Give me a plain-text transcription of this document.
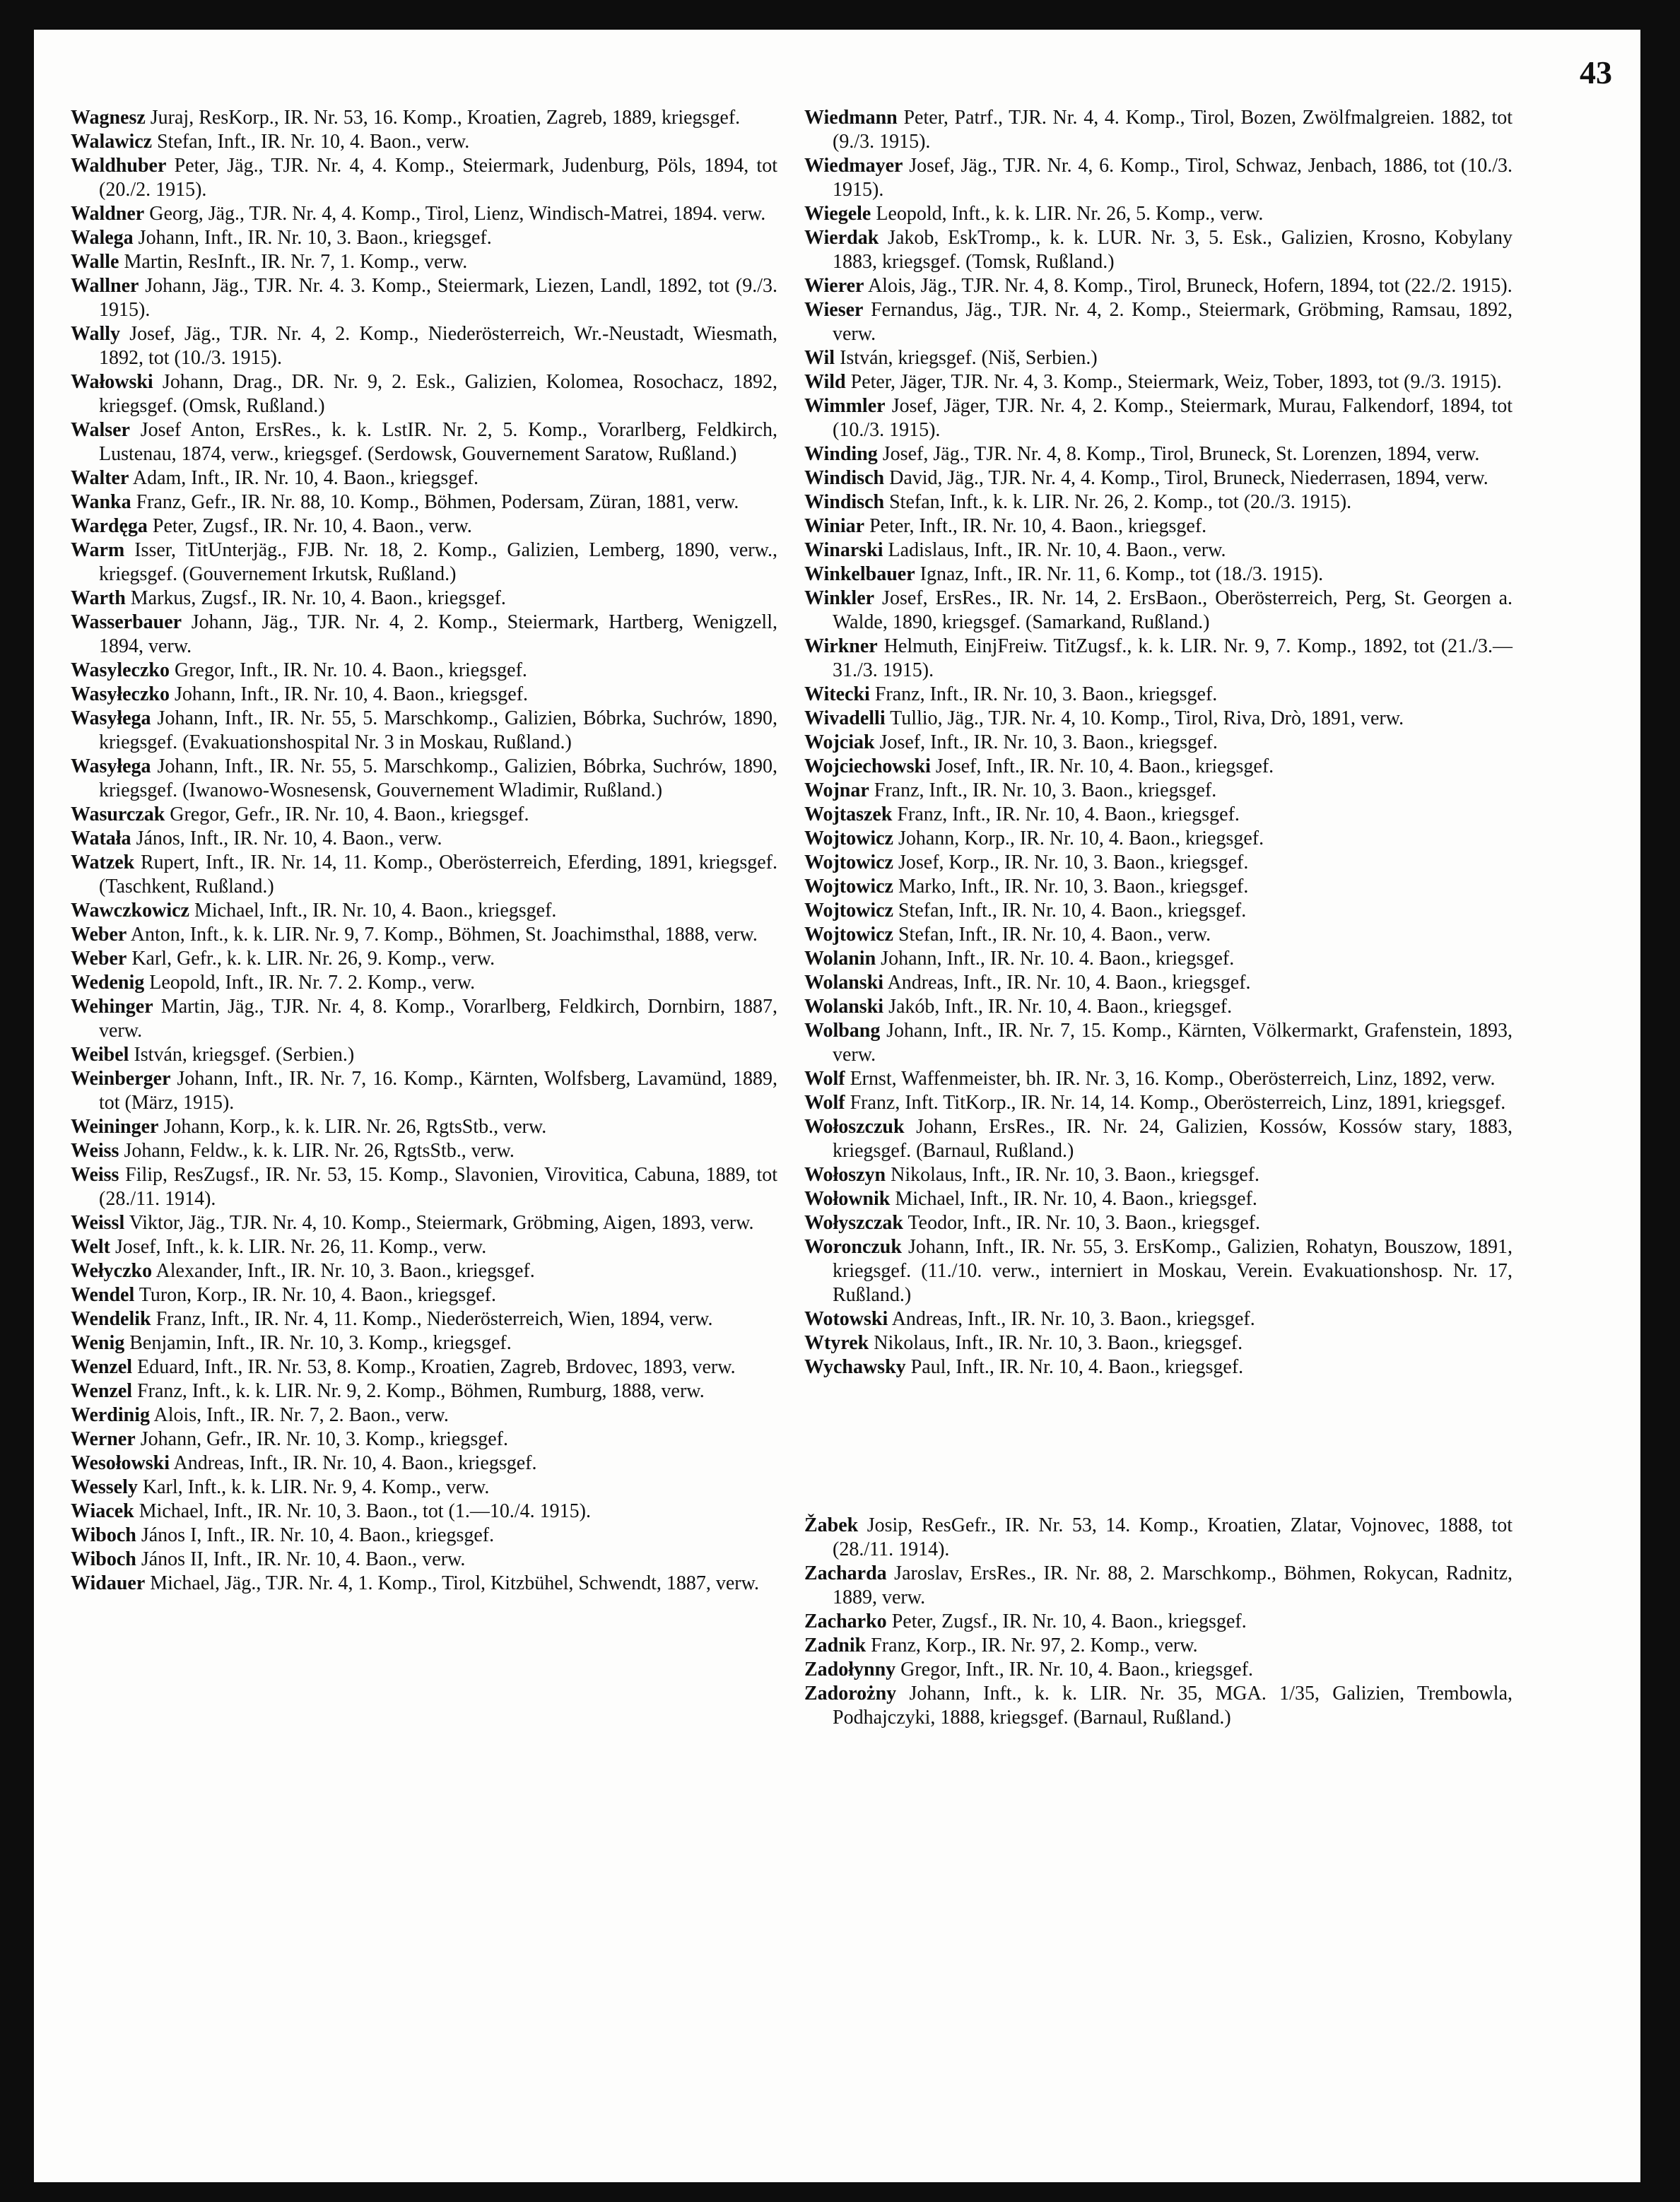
43
Wagnesz Juraj, ResKorp., IR. Nr. 53, 16. Komp., Kroatien, Zagreb, 1889, kriegsgef.
Walawicz Stefan, Inft., IR. Nr. 10, 4. Baon., verw.
Waldhuber Peter, Jäg., TJR. Nr. 4, 4. Komp., Steiermark, Judenburg, Pöls, 1894, tot (20./2. 1915).
Waldner Georg, Jäg., TJR. Nr. 4, 4. Komp., Tirol, Lienz, Windisch-Matrei, 1894. verw.
Walega Johann, Inft., IR. Nr. 10, 3. Baon., kriegsgef.
Walle Martin, ResInft., IR. Nr. 7, 1. Komp., verw.
Wallner Johann, Jäg., TJR. Nr. 4. 3. Komp., Steiermark, Liezen, Landl, 1892, tot (9./3. 1915).
Wally Josef, Jäg., TJR. Nr. 4, 2. Komp., Niederösterreich, Wr.-Neustadt, Wiesmath, 1892, tot (10./3. 1915).
Wałowski Johann, Drag., DR. Nr. 9, 2. Esk., Galizien, Kolomea, Rosochacz, 1892, kriegsgef. (Omsk, Rußland.)
Walser Josef Anton, ErsRes., k. k. LstIR. Nr. 2, 5. Komp., Vorarlberg, Feldkirch, Lustenau, 1874, verw., kriegsgef. (Serdowsk, Gouvernement Saratow, Rußland.)
Walter Adam, Inft., IR. Nr. 10, 4. Baon., kriegsgef.
Wanka Franz, Gefr., IR. Nr. 88, 10. Komp., Böhmen, Podersam, Züran, 1881, verw.
Wardęga Peter, Zugsf., IR. Nr. 10, 4. Baon., verw.
Warm Isser, TitUnterjäg., FJB. Nr. 18, 2. Komp., Galizien, Lemberg, 1890, verw., kriegsgef. (Gouvernement Irkutsk, Rußland.)
Warth Markus, Zugsf., IR. Nr. 10, 4. Baon., kriegsgef.
Wasserbauer Johann, Jäg., TJR. Nr. 4, 2. Komp., Steiermark, Hartberg, Wenigzell, 1894, verw.
Wasyleczko Gregor, Inft., IR. Nr. 10. 4. Baon., kriegsgef.
Wasyłeczko Johann, Inft., IR. Nr. 10, 4. Baon., kriegsgef.
Wasyłega Johann, Inft., IR. Nr. 55, 5. Marschkomp., Galizien, Bóbrka, Suchrów, 1890, kriegsgef. (Evakuationshospital Nr. 3 in Moskau, Rußland.)
Wasyłega Johann, Inft., IR. Nr. 55, 5. Marschkomp., Galizien, Bóbrka, Suchrów, 1890, kriegsgef. (Iwanowo-Wosnesensk, Gouvernement Wladimir, Rußland.)
Wasurczak Gregor, Gefr., IR. Nr. 10, 4. Baon., kriegsgef.
Watała János, Inft., IR. Nr. 10, 4. Baon., verw.
Watzek Rupert, Inft., IR. Nr. 14, 11. Komp., Oberösterreich, Eferding, 1891, kriegsgef. (Taschkent, Rußland.)
Wawczkowicz Michael, Inft., IR. Nr. 10, 4. Baon., kriegsgef.
Weber Anton, Inft., k. k. LIR. Nr. 9, 7. Komp., Böhmen, St. Joachimsthal, 1888, verw.
Weber Karl, Gefr., k. k. LIR. Nr. 26, 9. Komp., verw.
Wedenig Leopold, Inft., IR. Nr. 7. 2. Komp., verw.
Wehinger Martin, Jäg., TJR. Nr. 4, 8. Komp., Vorarlberg, Feldkirch, Dornbirn, 1887, verw.
Weibel István, kriegsgef. (Serbien.)
Weinberger Johann, Inft., IR. Nr. 7, 16. Komp., Kärnten, Wolfsberg, Lavamünd, 1889, tot (März, 1915).
Weininger Johann, Korp., k. k. LIR. Nr. 26, RgtsStb., verw.
Weiss Johann, Feldw., k. k. LIR. Nr. 26, RgtsStb., verw.
Weiss Filip, ResZugsf., IR. Nr. 53, 15. Komp., Slavonien, Virovitica, Cabuna, 1889, tot (28./11. 1914).
Weissl Viktor, Jäg., TJR. Nr. 4, 10. Komp., Steiermark, Gröbming, Aigen, 1893, verw.
Welt Josef, Inft., k. k. LIR. Nr. 26, 11. Komp., verw.
Wełyczko Alexander, Inft., IR. Nr. 10, 3. Baon., kriegsgef.
Wendel Turon, Korp., IR. Nr. 10, 4. Baon., kriegsgef.
Wendelik Franz, Inft., IR. Nr. 4, 11. Komp., Niederösterreich, Wien, 1894, verw.
Wenig Benjamin, Inft., IR. Nr. 10, 3. Komp., kriegsgef.
Wenzel Eduard, Inft., IR. Nr. 53, 8. Komp., Kroatien, Zagreb, Brdovec, 1893, verw.
Wenzel Franz, Inft., k. k. LIR. Nr. 9, 2. Komp., Böhmen, Rumburg, 1888, verw.
Werdinig Alois, Inft., IR. Nr. 7, 2. Baon., verw.
Werner Johann, Gefr., IR. Nr. 10, 3. Komp., kriegsgef.
Wesołowski Andreas, Inft., IR. Nr. 10, 4. Baon., kriegsgef.
Wessely Karl, Inft., k. k. LIR. Nr. 9, 4. Komp., verw.
Wiacek Michael, Inft., IR. Nr. 10, 3. Baon., tot (1.—10./4. 1915).
Wiboch János I, Inft., IR. Nr. 10, 4. Baon., kriegsgef.
Wiboch János II, Inft., IR. Nr. 10, 4. Baon., verw.
Widauer Michael, Jäg., TJR. Nr. 4, 1. Komp., Tirol, Kitzbühel, Schwendt, 1887, verw.
Wiedmann Peter, Patrf., TJR. Nr. 4, 4. Komp., Tirol, Bozen, Zwölfmalgreien. 1882, tot (9./3. 1915).
Wiedmayer Josef, Jäg., TJR. Nr. 4, 6. Komp., Tirol, Schwaz, Jenbach, 1886, tot (10./3. 1915).
Wiegele Leopold, Inft., k. k. LIR. Nr. 26, 5. Komp., verw.
Wierdak Jakob, EskTromp., k. k. LUR. Nr. 3, 5. Esk., Galizien, Krosno, Kobylany 1883, kriegsgef. (Tomsk, Rußland.)
Wierer Alois, Jäg., TJR. Nr. 4, 8. Komp., Tirol, Bruneck, Hofern, 1894, tot (22./2. 1915).
Wieser Fernandus, Jäg., TJR. Nr. 4, 2. Komp., Steiermark, Gröbming, Ramsau, 1892, verw.
Wil István, kriegsgef. (Niš, Serbien.)
Wild Peter, Jäger, TJR. Nr. 4, 3. Komp., Steiermark, Weiz, Tober, 1893, tot (9./3. 1915).
Wimmler Josef, Jäger, TJR. Nr. 4, 2. Komp., Steiermark, Murau, Falkendorf, 1894, tot (10./3. 1915).
Winding Josef, Jäg., TJR. Nr. 4, 8. Komp., Tirol, Bruneck, St. Lorenzen, 1894, verw.
Windisch David, Jäg., TJR. Nr. 4, 4. Komp., Tirol, Bruneck, Niederrasen, 1894, verw.
Windisch Stefan, Inft., k. k. LIR. Nr. 26, 2. Komp., tot (20./3. 1915).
Winiar Peter, Inft., IR. Nr. 10, 4. Baon., kriegsgef.
Winarski Ladislaus, Inft., IR. Nr. 10, 4. Baon., verw.
Winkelbauer Ignaz, Inft., IR. Nr. 11, 6. Komp., tot (18./3. 1915).
Winkler Josef, ErsRes., IR. Nr. 14, 2. ErsBaon., Oberösterreich, Perg, St. Georgen a. Walde, 1890, kriegsgef. (Samarkand, Rußland.)
Wirkner Helmuth, EinjFreiw. TitZugsf., k. k. LIR. Nr. 9, 7. Komp., 1892, tot (21./3.—31./3. 1915).
Witecki Franz, Inft., IR. Nr. 10, 3. Baon., kriegsgef.
Wivadelli Tullio, Jäg., TJR. Nr. 4, 10. Komp., Tirol, Riva, Drò, 1891, verw.
Wojciak Josef, Inft., IR. Nr. 10, 3. Baon., kriegsgef.
Wojciechowski Josef, Inft., IR. Nr. 10, 4. Baon., kriegsgef.
Wojnar Franz, Inft., IR. Nr. 10, 3. Baon., kriegsgef.
Wojtaszek Franz, Inft., IR. Nr. 10, 4. Baon., kriegsgef.
Wojtowicz Johann, Korp., IR. Nr. 10, 4. Baon., kriegsgef.
Wojtowicz Josef, Korp., IR. Nr. 10, 3. Baon., kriegsgef.
Wojtowicz Marko, Inft., IR. Nr. 10, 3. Baon., kriegsgef.
Wojtowicz Stefan, Inft., IR. Nr. 10, 4. Baon., kriegsgef.
Wojtowicz Stefan, Inft., IR. Nr. 10, 4. Baon., verw.
Wolanin Johann, Inft., IR. Nr. 10. 4. Baon., kriegsgef.
Wolanski Andreas, Inft., IR. Nr. 10, 4. Baon., kriegsgef.
Wolanski Jakób, Inft., IR. Nr. 10, 4. Baon., kriegsgef.
Wolbang Johann, Inft., IR. Nr. 7, 15. Komp., Kärnten, Völkermarkt, Grafenstein, 1893, verw.
Wolf Ernst, Waffenmeister, bh. IR. Nr. 3, 16. Komp., Oberösterreich, Linz, 1892, verw.
Wolf Franz, Inft. TitKorp., IR. Nr. 14, 14. Komp., Oberösterreich, Linz, 1891, kriegsgef.
Wołoszczuk Johann, ErsRes., IR. Nr. 24, Galizien, Kossów, Kossów stary, 1883, kriegsgef. (Barnaul, Rußland.)
Wołoszyn Nikolaus, Inft., IR. Nr. 10, 3. Baon., kriegsgef.
Wołownik Michael, Inft., IR. Nr. 10, 4. Baon., kriegsgef.
Wołyszczak Teodor, Inft., IR. Nr. 10, 3. Baon., kriegsgef.
Woronczuk Johann, Inft., IR. Nr. 55, 3. ErsKomp., Galizien, Rohatyn, Bouszow, 1891, kriegsgef. (11./10. verw., interniert in Moskau, Verein. Evakuationshosp. Nr. 17, Rußland.)
Wotowski Andreas, Inft., IR. Nr. 10, 3. Baon., kriegsgef.
Wtyrek Nikolaus, Inft., IR. Nr. 10, 3. Baon., kriegsgef.
Wychawsky Paul, Inft., IR. Nr. 10, 4. Baon., kriegsgef.
Žabek Josip, ResGefr., IR. Nr. 53, 14. Komp., Kroatien, Zlatar, Vojnovec, 1888, tot (28./11. 1914).
Zacharda Jaroslav, ErsRes., IR. Nr. 88, 2. Marschkomp., Böhmen, Rokycan, Radnitz, 1889, verw.
Zacharko Peter, Zugsf., IR. Nr. 10, 4. Baon., kriegsgef.
Zadnik Franz, Korp., IR. Nr. 97, 2. Komp., verw.
Zadołynny Gregor, Inft., IR. Nr. 10, 4. Baon., kriegsgef.
Zadorożny Johann, Inft., k. k. LIR. Nr. 35, MGA. 1/35, Galizien, Trembowla, Podhajczyki, 1888, kriegsgef. (Barnaul, Rußland.)
